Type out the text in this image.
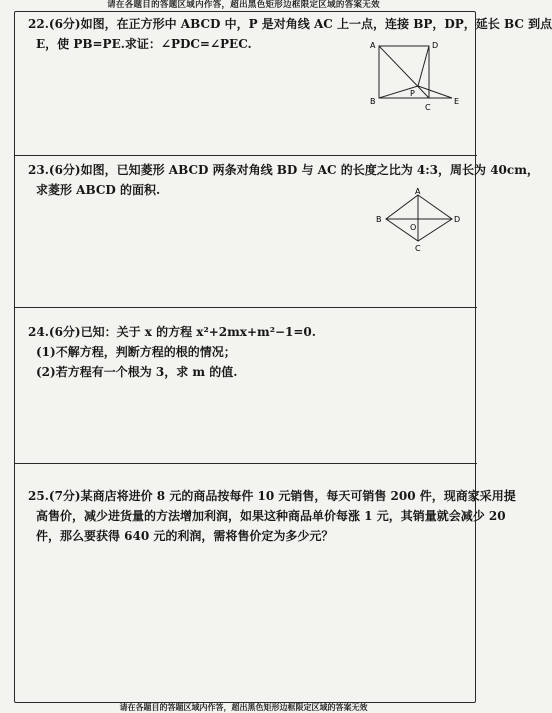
请在各题目的答题区域内作答，超出黑色矩形边框限定区域的答案无效
22.(6分)如图，在正方形中 ABCD 中，P 是对角线 AC 上一点，连接 BP，DP，延长 BC 到点
E，使 PB=PE.求证：∠PDC=∠PEC.	A	D
B
C
P
E
23.(6分)如图，已知菱形 ABCD 两条对角线 BD 与 AC 的长度之比为 4:3，周长为 40cm，
求菱形 ABCD 的面积.	A
B	D
C
O
24.(6分)已知：关于 x 的方程 x²+2mx+m²−1=0.
(1)不解方程，判断方程的根的情况；
(2)若方程有一个根为 3，求 m 的值.
25.(7分)某商店将进价 8 元的商品按每件 10 元销售，每天可销售 200 件，现商家采用提
高售价，减少进货量的方法增加利润，如果这种商品单价每涨 1 元，其销量就会减少 20
件，那么要获得 640 元的利润，需将售价定为多少元？
请在各题目的答题区域内作答，超出黑色矩形边框限定区域的答案无效
